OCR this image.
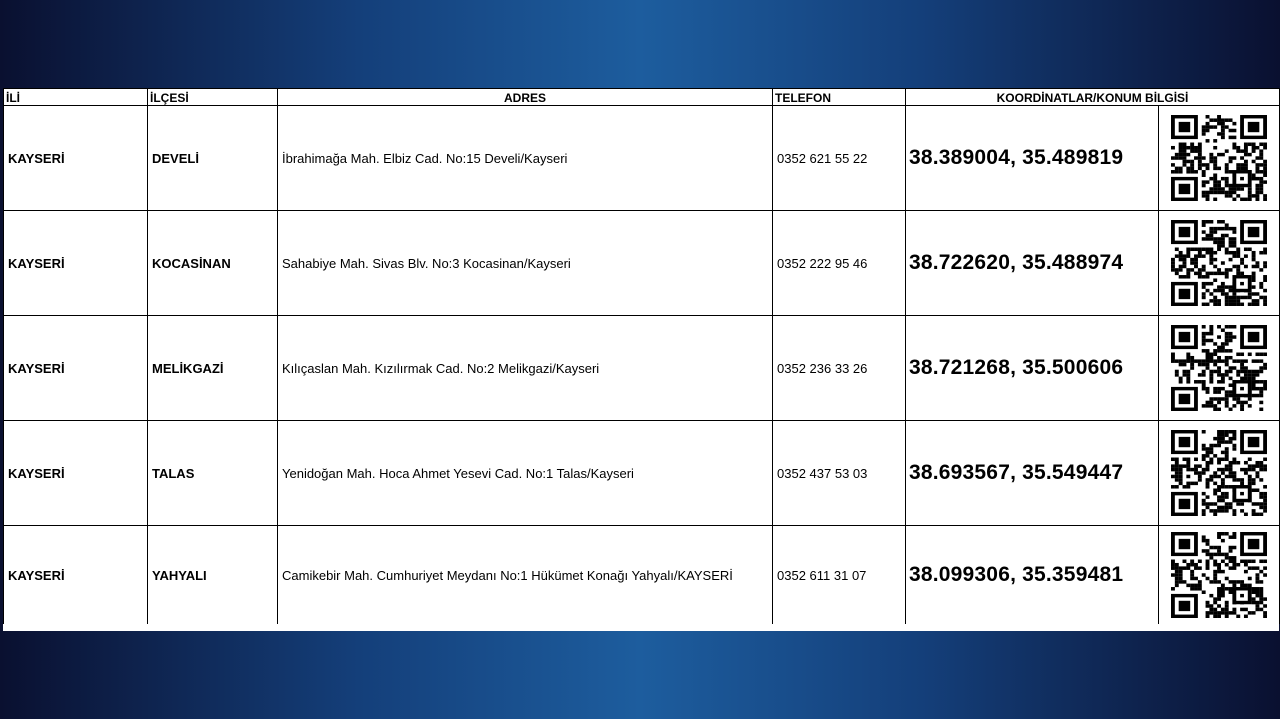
İLİ	İLÇESİ	ADRES	TELEFON	KOORDİNATLAR/KONUM BİLGİSİ	
KAYSERİ	DEVELİ	İbrahimağa Mah. Elbiz Cad. No:15 Develi/Kayseri	0352 621 55 22	38.389004, 35.489819	

KAYSERİ	KOCASİNAN	Sahabiye Mah. Sivas Blv. No:3 Kocasinan/Kayseri	0352 222 95 46	38.722620, 35.488974	

KAYSERİ	MELİKGAZİ	Kılıçaslan Mah. Kızılırmak Cad. No:2 Melikgazi/Kayseri	0352 236 33 26	38.721268, 35.500606	

KAYSERİ	TALAS	Yenidoğan Mah. Hoca Ahmet Yesevi Cad. No:1 Talas/Kayseri	0352 437 53 03	38.693567, 35.549447	

KAYSERİ	YAHYALI	Camikebir Mah. Cumhuriyet Meydanı No:1 Hükümet Konağı Yahyalı/KAYSERİ	0352 611 31 07	38.099306, 35.359481	
